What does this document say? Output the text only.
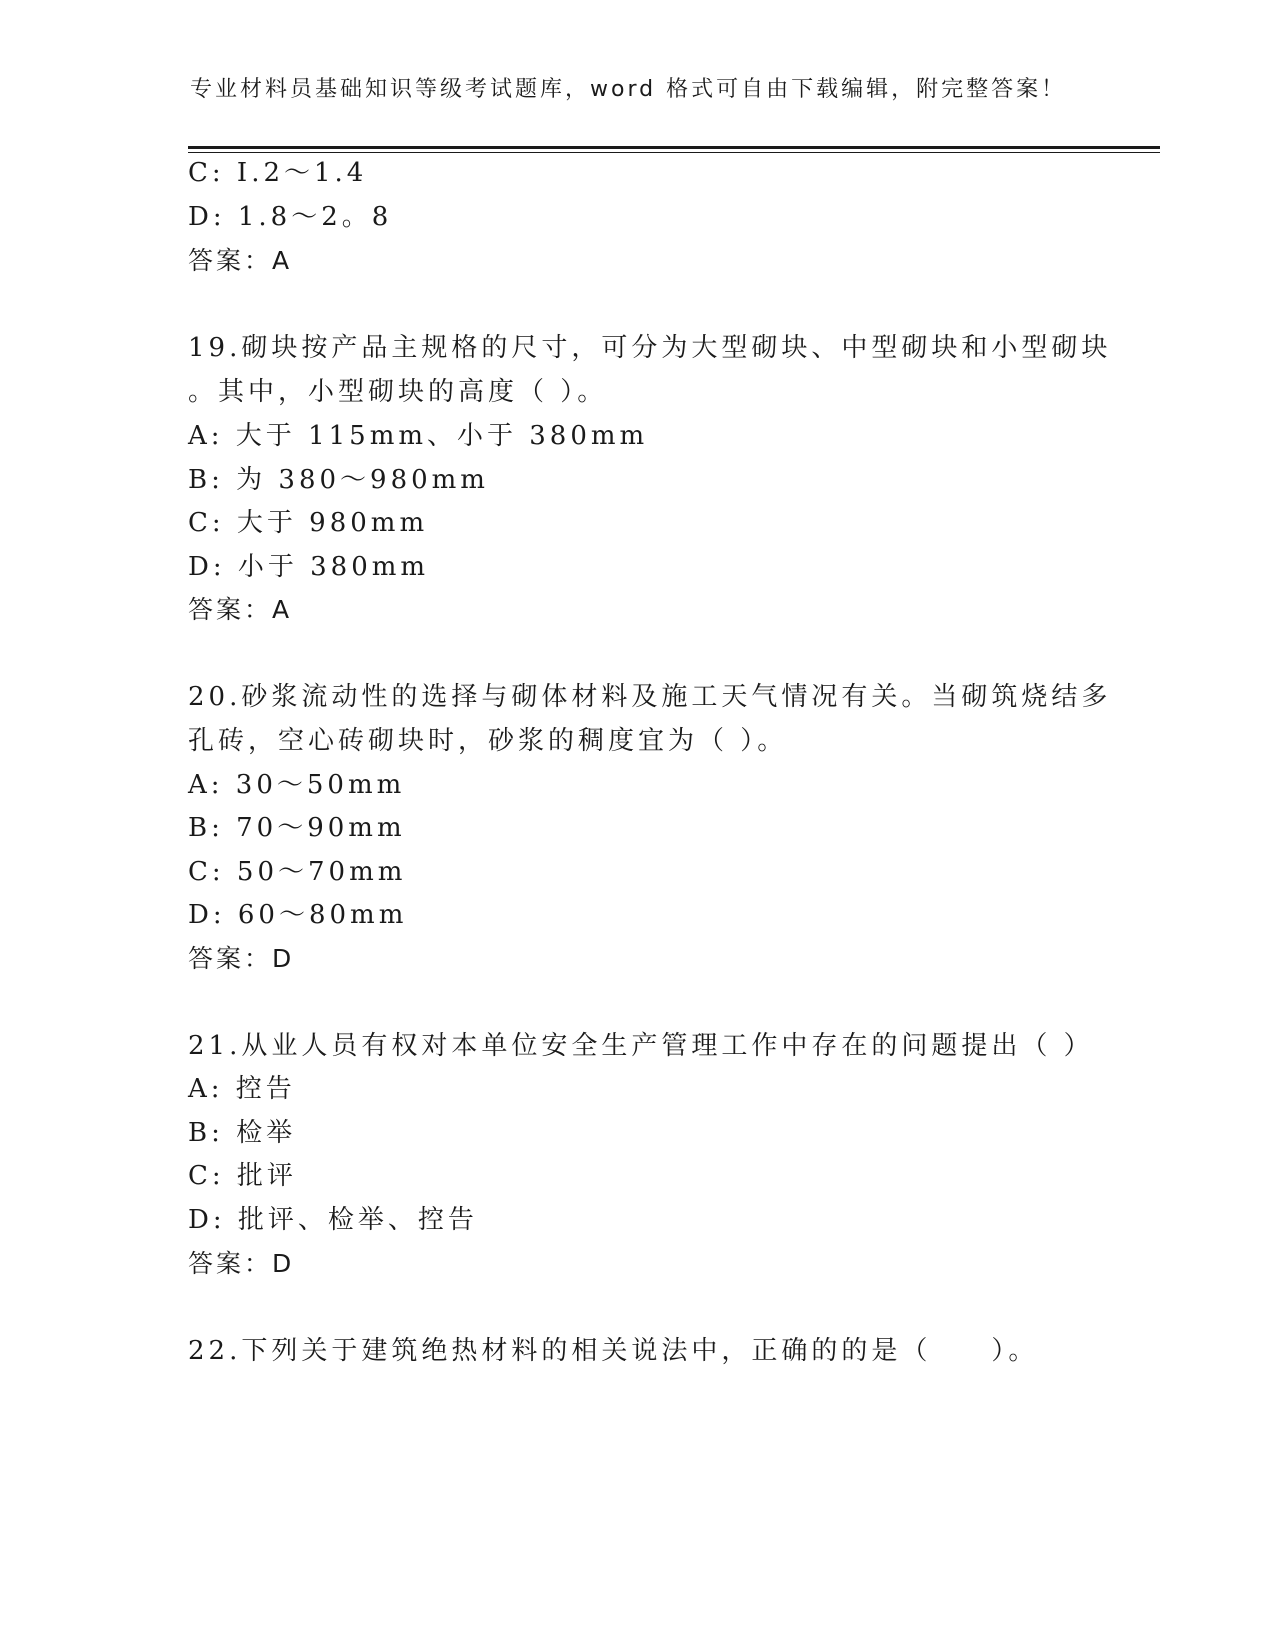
专业材料员基础知识等级考试题库，word 格式可自由下载编辑，附完整答案！
C: Ⅰ.2～1.4
D: 1.8～2。8
答案：A
19.砌块按产品主规格的尺寸，可分为大型砌块、中型砌块和小型砌块
。其中，小型砌块的高度（ ）。
A: 大于 115mm、小于 380mm
B: 为 380～980mm
C: 大于 980mm
D: 小于 380mm
答案：A
20.砂浆流动性的选择与砌体材料及施工天气情况有关。当砌筑烧结多
孔砖，空心砖砌块时，砂浆的稠度宜为（ ）。
A: 30～50mm
B: 70～90mm
C: 50～70mm
D: 60～80mm
答案：D
21.从业人员有权对本单位安全生产管理工作中存在的问题提出（ ）
A: 控告
B: 检举
C: 批评
D: 批评、检举、控告
答案：D
22.下列关于建筑绝热材料的相关说法中，正确的的是（　　）。
